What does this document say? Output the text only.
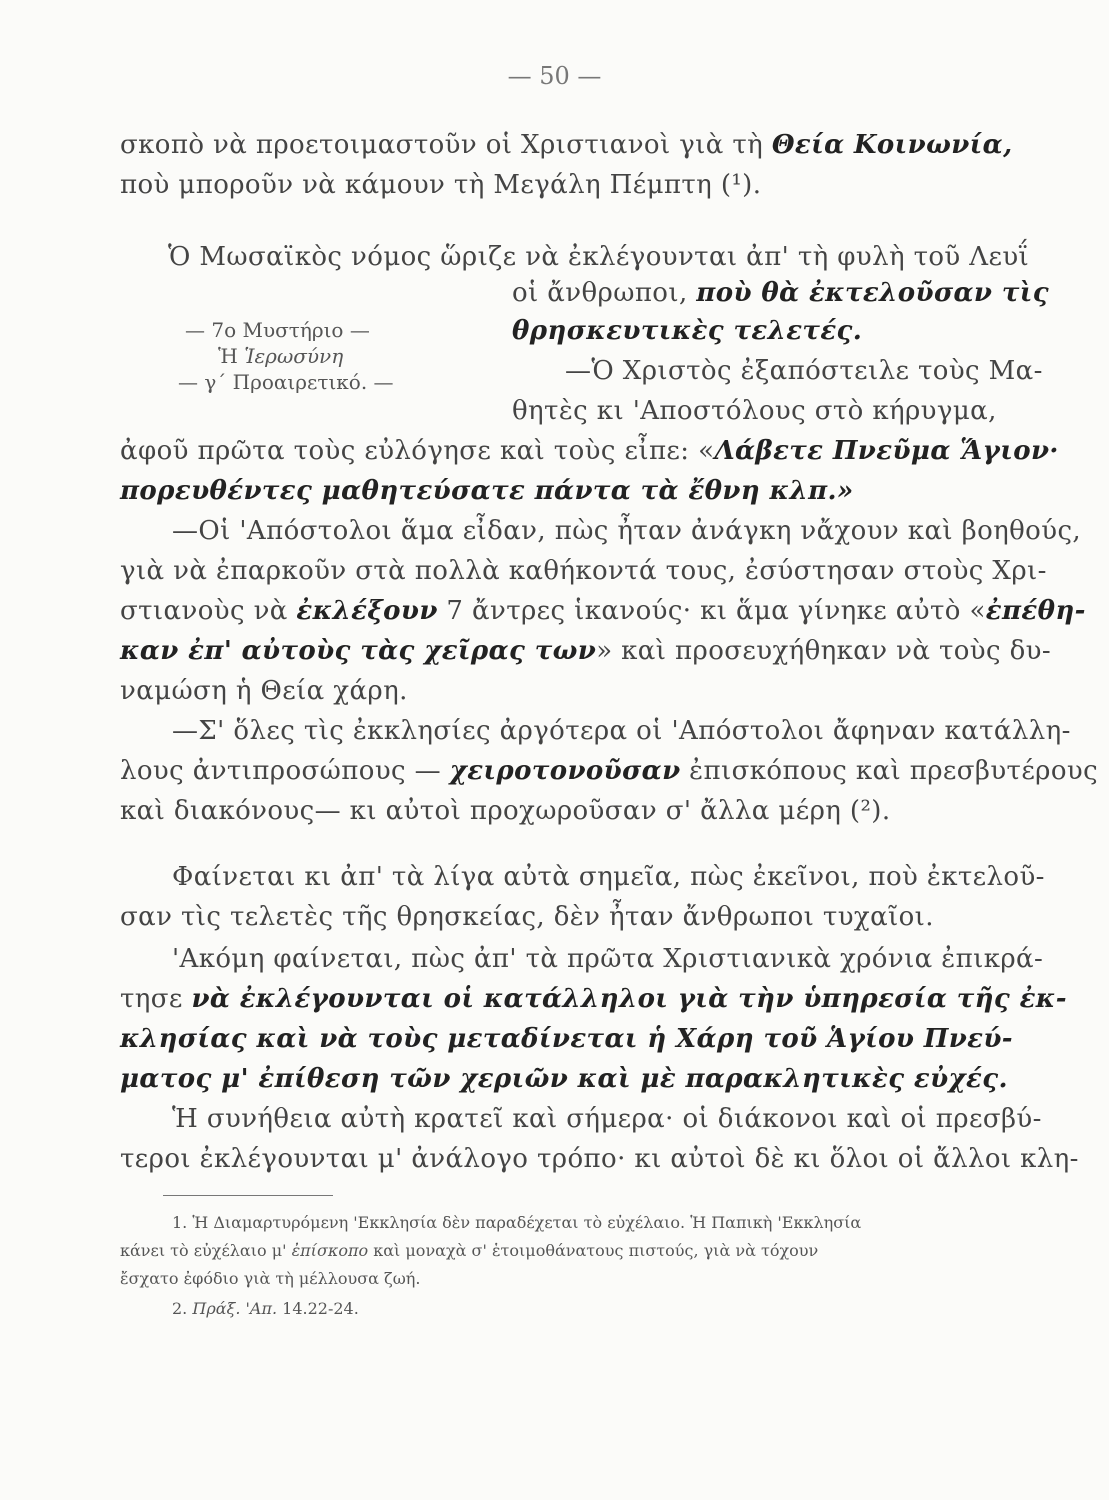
— 50 —
σκοπὸ νὰ προετοιμαστοῦν οἱ Χριστιανοὶ γιὰ τὴ Θεία Κοινωνία,
ποὺ μποροῦν νὰ κάμουν τὴ Μεγάλη Πέμπτη (¹).
Ὁ Μωσαϊκὸς νόμος ὥριζε νὰ ἐκλέγουνται ἀπ' τὴ φυλὴ τοῦ Λευΐ
οἱ ἄνθρωποι, ποὺ θὰ ἐκτελοῦσαν τὶς
θρησκευτικὲς τελετές.
— 7ο Μυστήριο —
Ἡ Ἱερωσύνη
— γ΄ Προαιρετικό. —	—Ὁ Χριστὸς ἐξαπόστειλε τοὺς Μα-
θητὲς κι 'Αποστόλους στὸ κήρυγμα,
ἀφοῦ πρῶτα τοὺς εὐλόγησε καὶ τοὺς εἶπε: «Λάβετε Πνεῦμα Ἅγιον·
πορευθέντες μαθητεύσατε πάντα τὰ ἔθνη κλπ.»
—Οἱ 'Απόστολοι ἅμα εἶδαν, πὼς ἦταν ἀνάγκη νἄχουν καὶ βοηθούς,
γιὰ νὰ ἐπαρκοῦν στὰ πολλὰ καθήκοντά τους, ἐσύστησαν στοὺς Χρι-
στιανοὺς νὰ ἐκλέξουν 7 ἄντρες ἱκανούς· κι ἅμα γίνηκε αὐτὸ «ἐπέθη-
καν ἐπ' αὐτοὺς τὰς χεῖρας των» καὶ προσευχήθηκαν νὰ τοὺς δυ-
ναμώση ἡ Θεία χάρη.
—Σ' ὅλες τὶς ἐκκλησίες ἀργότερα οἱ 'Απόστολοι ἄφηναν κατάλλη-
λους ἀντιπροσώπους — χειροτονοῦσαν ἐπισκόπους καὶ πρεσβυτέρους
καὶ διακόνους— κι αὐτοὶ προχωροῦσαν σ' ἄλλα μέρη (²).
Φαίνεται κι ἀπ' τὰ λίγα αὐτὰ σημεῖα, πὼς ἐκεῖνοι, ποὺ ἐκτελοῦ-
σαν τὶς τελετὲς τῆς θρησκείας, δὲν ἦταν ἄνθρωποι τυχαῖοι.
'Ακόμη φαίνεται, πὼς ἀπ' τὰ πρῶτα Χριστιανικὰ χρόνια ἐπικρά-
τησε νὰ ἐκλέγουνται οἱ κατάλληλοι γιὰ τὴν ὑπηρεσία τῆς ἐκ-
κλησίας καὶ νὰ τοὺς μεταδίνεται ἡ Χάρη τοῦ Ἁγίου Πνεύ-
ματος μ' ἐπίθεση τῶν χεριῶν καὶ μὲ παρακλητικὲς εὐχές.
Ἡ συνήθεια αὐτὴ κρατεῖ καὶ σήμερα· οἱ διάκονοι καὶ οἱ πρεσβύ-
τεροι ἐκλέγουνται μ' ἀνάλογο τρόπο· κι αὐτοὶ δὲ κι ὅλοι οἱ ἄλλοι κλη-
1. Ἡ Διαμαρτυρόμενη 'Εκκλησία δὲν παραδέχεται τὸ εὐχέλαιο. Ἡ Παπικὴ 'Εκκλησία
κάνει τὸ εὐχέλαιο μ' ἐπίσκοπο καὶ μοναχὰ σ' ἑτοιμοθάνατους πιστούς, γιὰ νὰ τόχουν
ἔσχατο ἐφόδιο γιὰ τὴ μέλλουσα ζωή.
2. Πράξ. 'Απ. 14.22-24.
